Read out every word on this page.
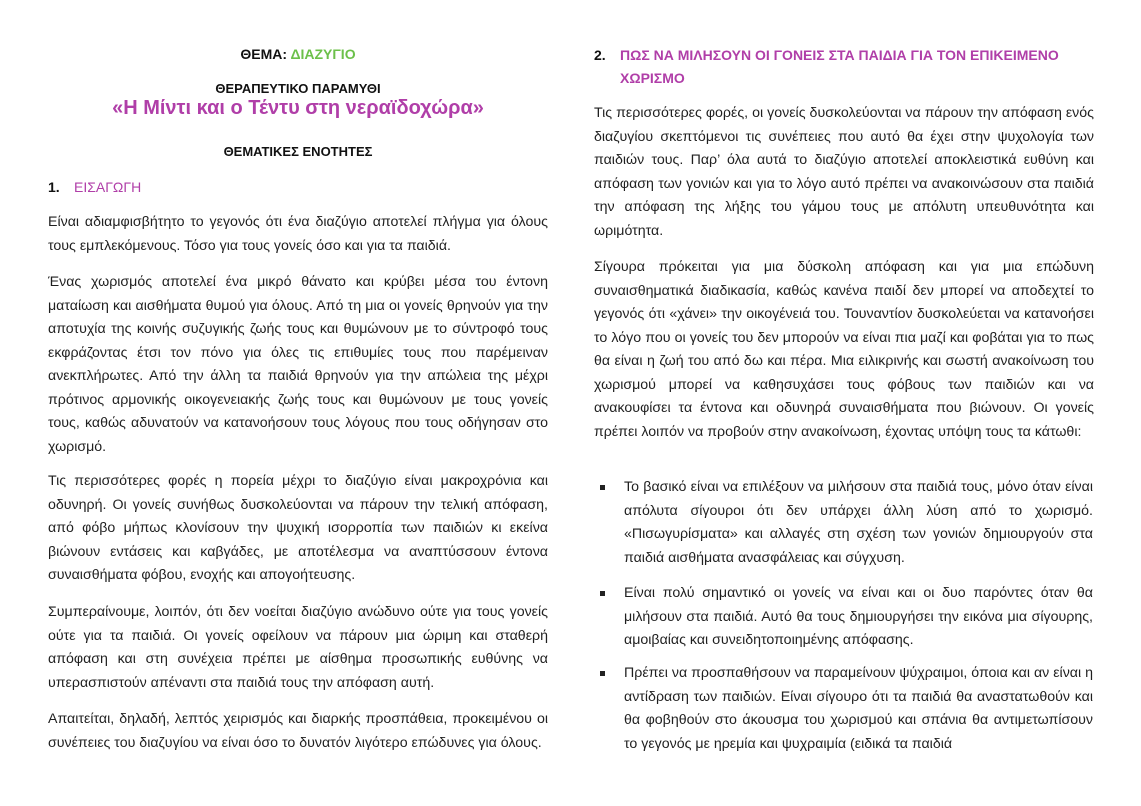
ΘΕΜΑ: ΔΙΑΖΥΓΙΟ
ΘΕΡΑΠΕΥΤΙΚΟ ΠΑΡΑΜΥΘΙ
«Η Μίντι και ο Τέντυ στη νεραϊδοχώρα»
ΘΕΜΑΤΙΚΕΣ ΕΝΟΤΗΤΕΣ
1. ΕΙΣΑΓΩΓΗ

Είναι αδιαμφισβήτητο το γεγονός ότι ένα διαζύγιο αποτελεί πλήγμα για όλους τους εμπλεκόμενους. Τόσο για τους γονείς όσο και για τα παιδιά.

Ένας χωρισμός αποτελεί ένα μικρό θάνατο και κρύβει μέσα του έντονη ματαίωση και αισθήματα θυμού για όλους. Από τη μια οι γονείς θρηνούν για την αποτυχία της κοινής συζυγικής ζωής τους και θυμώνουν με το σύντροφό τους εκφράζοντας έτσι τον πόνο για όλες τις επιθυμίες τους που παρέμειναν ανεκπλήρωτες. Από την άλλη τα παιδιά θρηνούν για την απώλεια της μέχρι πρότινος αρμονικής οικογενειακής ζωής τους και θυμώνουν με τους γονείς τους, καθώς αδυνατούν να κατανοήσουν τους λόγους που τους οδήγησαν στο χωρισμό.

Τις περισσότερες φορές η πορεία μέχρι το διαζύγιο είναι μακροχρόνια και οδυνηρή. Οι γονείς συνήθως δυσκολεύονται να πάρουν την τελική απόφαση, από φόβο μήπως κλονίσουν την ψυχική ισορροπία των παιδιών κι εκείνα βιώνουν εντάσεις και καβγάδες, με αποτέλεσμα να αναπτύσσουν έντονα συναισθήματα φόβου, ενοχής και απογοήτευσης.

Συμπεραίνουμε, λοιπόν, ότι δεν νοείται διαζύγιο ανώδυνο ούτε για τους γονείς ούτε για τα παιδιά. Οι γονείς οφείλουν να πάρουν μια ώριμη και σταθερή απόφαση και στη συνέχεια πρέπει με αίσθημα προσωπικής ευθύνης να υπερασπιστούν απέναντι στα παιδιά τους την απόφαση αυτή.

Απαιτείται, δηλαδή, λεπτός χειρισμός και διαρκής προσπάθεια, προκειμένου οι συνέπειες του διαζυγίου να είναι όσο το δυνατόν λιγότερο επώδυνες για όλους.

2. ΠΩΣ ΝΑ ΜΙΛΗΣΟΥΝ ΟΙ ΓΟΝΕΙΣ ΣΤΑ ΠΑΙΔΙΑ ΓΙΑ ΤΟΝ ΕΠΙΚΕΙΜΕΝΟ
ΧΩΡΙΣΜΟ

Τις περισσότερες φορές, οι γονείς δυσκολεύονται να πάρουν την απόφαση ενός διαζυγίου σκεπτόμενοι τις συνέπειες που αυτό θα έχει στην ψυχολογία των παιδιών τους. Παρ’ όλα αυτά το διαζύγιο αποτελεί αποκλειστικά ευθύνη και απόφαση των γονιών και για το λόγο αυτό πρέπει να ανακοινώσουν στα παιδιά την απόφαση της λήξης του γάμου τους με απόλυτη υπευθυνότητα και ωριμότητα.

Σίγουρα πρόκειται για μια δύσκολη απόφαση και για μια επώδυνη συναισθηματικά διαδικασία, καθώς κανένα παιδί δεν μπορεί να αποδεχτεί το γεγονός ότι «χάνει» την οικογένειά του. Τουναντίον δυσκολεύεται να κατανοήσει το λόγο που οι γονείς του δεν μπορούν να είναι πια μαζί και φοβάται για το πως θα είναι η ζωή του από δω και πέρα. Μια ειλικρινής και σωστή ανακοίνωση του χωρισμού μπορεί να καθησυχάσει τους φόβους των παιδιών και να ανακουφίσει τα έντονα και οδυνηρά συναισθήματα που βιώνουν. Οι γονείς πρέπει λοιπόν να προβούν στην ανακοίνωση, έχοντας υπόψη τους τα κάτωθι:

Το βασικό είναι να επιλέξουν να μιλήσουν στα παιδιά τους, μόνο όταν είναι απόλυτα σίγουροι ότι δεν υπάρχει άλλη λύση από το χωρισμό. «Πισωγυρίσματα» και αλλαγές στη σχέση των γονιών δημιουργούν στα παιδιά αισθήματα ανασφάλειας και σύγχυση.
Είναι πολύ σημαντικό οι γονείς να είναι και οι δυο παρόντες όταν θα μιλήσουν στα παιδιά. Αυτό θα τους δημιουργήσει την εικόνα μια σίγουρης, αμοιβαίας και συνειδητοποιημένης απόφασης.
Πρέπει να προσπαθήσουν να παραμείνουν ψύχραιμοι, όποια και αν είναι η αντίδραση των παιδιών. Είναι σίγουρο ότι τα παιδιά θα αναστατωθούν και θα φοβηθούν στο άκουσμα του χωρισμού και σπάνια θα αντιμετωπίσουν το γεγονός με ηρεμία και ψυχραιμία (ειδικά τα παιδιά
